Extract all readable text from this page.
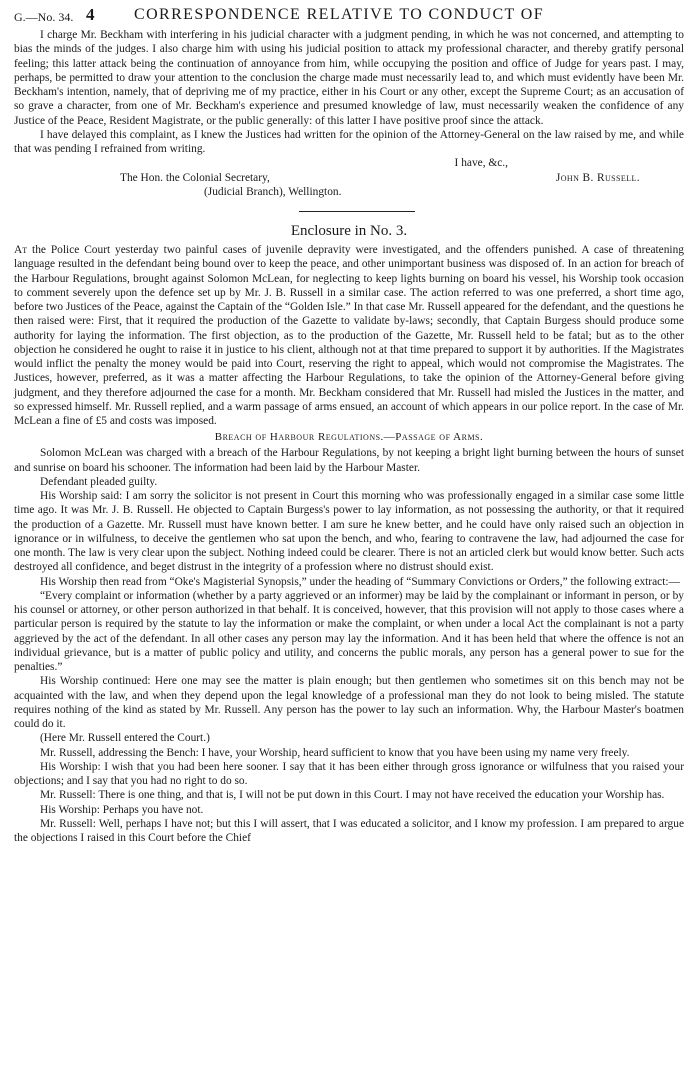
G.—No. 34. 4 CORRESPONDENCE RELATIVE TO CONDUCT OF

I charge Mr. Beckham with interfering in his judicial character with a judgment pending, in which he was not concerned, and attempting to bias the minds of the judges. I also charge him with using his judicial position to attack my professional character, and thereby gratify personal feeling; this latter attack being the continuation of annoyance from him, while occupying the position and office of Judge for years past. I may, perhaps, be permitted to draw your attention to the conclusion the charge made must necessarily lead to, and which must evidently have been Mr. Beckham's intention, namely, that of depriving me of my practice, either in his Court or any other, except the Supreme Court; as an accusation of so grave a character, from one of Mr. Beckham's experience and presumed knowledge of law, must necessarily weaken the confidence of any Justice of the Peace, Resident Magistrate, or the public generally: of this latter I have positive proof since the attack.

I have delayed this complaint, as I knew the Justices had written for the opinion of the Attorney-General on the law raised by me, and while that was pending I refrained from writing.

I have, &c.,
The Hon. the Colonial Secretary,	John B. Russell.
(Judicial Branch), Wellington.
Enclosure in No. 3.

At the Police Court yesterday two painful cases of juvenile depravity were investigated, and the offenders punished. A case of threatening language resulted in the defendant being bound over to keep the peace, and other unimportant business was disposed of. In an action for breach of the Harbour Regulations, brought against Solomon McLean, for neglecting to keep lights burning on board his vessel, his Worship took occasion to comment severely upon the defence set up by Mr. J. B. Russell in a similar case. The action referred to was one preferred, a short time ago, before two Justices of the Peace, against the Captain of the “Golden Isle.” In that case Mr. Russell appeared for the defendant, and the questions he then raised were: First, that it required the production of the Gazette to validate by-laws; secondly, that Captain Burgess should produce some authority for laying the information. The first objection, as to the production of the Gazette, Mr. Russell held to be fatal; but as to the other objection he considered he ought to raise it in justice to his client, although not at that time prepared to support it by authorities. If the Magistrates would inflict the penalty the money would be paid into Court, reserving the right to appeal, which would not compromise the Magistrates. The Justices, however, preferred, as it was a matter affecting the Harbour Regulations, to take the opinion of the Attorney-General before giving judgment, and they therefore adjourned the case for a month. Mr. Beckham considered that Mr. Russell had misled the Justices in the matter, and so expressed himself. Mr. Russell replied, and a warm passage of arms ensued, an account of which appears in our police report. In the case of Mr. McLean a fine of £5 and costs was imposed.

Breach of Harbour Regulations.—Passage of Arms.

Solomon McLean was charged with a breach of the Harbour Regulations, by not keeping a bright light burning between the hours of sunset and sunrise on board his schooner. The information had been laid by the Harbour Master.

Defendant pleaded guilty.

His Worship said: I am sorry the solicitor is not present in Court this morning who was professionally engaged in a similar case some little time ago. It was Mr. J. B. Russell. He objected to Captain Burgess's power to lay information, as not possessing the authority, or that it required the production of a Gazette. Mr. Russell must have known better. I am sure he knew better, and he could have only raised such an objection in ignorance or in wilfulness, to deceive the gentlemen who sat upon the bench, and who, fearing to contravene the law, had adjourned the case for one month. The law is very clear upon the subject. Nothing indeed could be clearer. There is not an articled clerk but would know better. Such acts destroyed all confidence, and beget distrust in the integrity of a profession where no distrust should exist.

His Worship then read from “Oke's Magisterial Synopsis,” under the heading of “Summary Convictions or Orders,” the following extract:—

“Every complaint or information (whether by a party aggrieved or an informer) may be laid by the complainant or informant in person, or by his counsel or attorney, or other person authorized in that behalf. It is conceived, however, that this provision will not apply to those cases where a particular person is required by the statute to lay the information or make the complaint, or when under a local Act the complainant is not a party aggrieved by the act of the defendant. In all other cases any person may lay the information. And it has been held that where the offence is not an individual grievance, but is a matter of public policy and utility, and concerns the public morals, any person has a general power to sue for the penalties.”

His Worship continued: Here one may see the matter is plain enough; but then gentlemen who sometimes sit on this bench may not be acquainted with the law, and when they depend upon the legal knowledge of a professional man they do not look to being misled. The statute requires nothing of the kind as stated by Mr. Russell. Any person has the power to lay such an information. Why, the Harbour Master's boatmen could do it.

(Here Mr. Russell entered the Court.)

Mr. Russell, addressing the Bench: I have, your Worship, heard sufficient to know that you have been using my name very freely.

His Worship: I wish that you had been here sooner. I say that it has been either through gross ignorance or wilfulness that you raised your objections; and I say that you had no right to do so.

Mr. Russell: There is one thing, and that is, I will not be put down in this Court. I may not have received the education your Worship has.

His Worship: Perhaps you have not.

Mr. Russell: Well, perhaps I have not; but this I will assert, that I was educated a solicitor, and I know my profession. I am prepared to argue the objections I raised in this Court before the Chief
